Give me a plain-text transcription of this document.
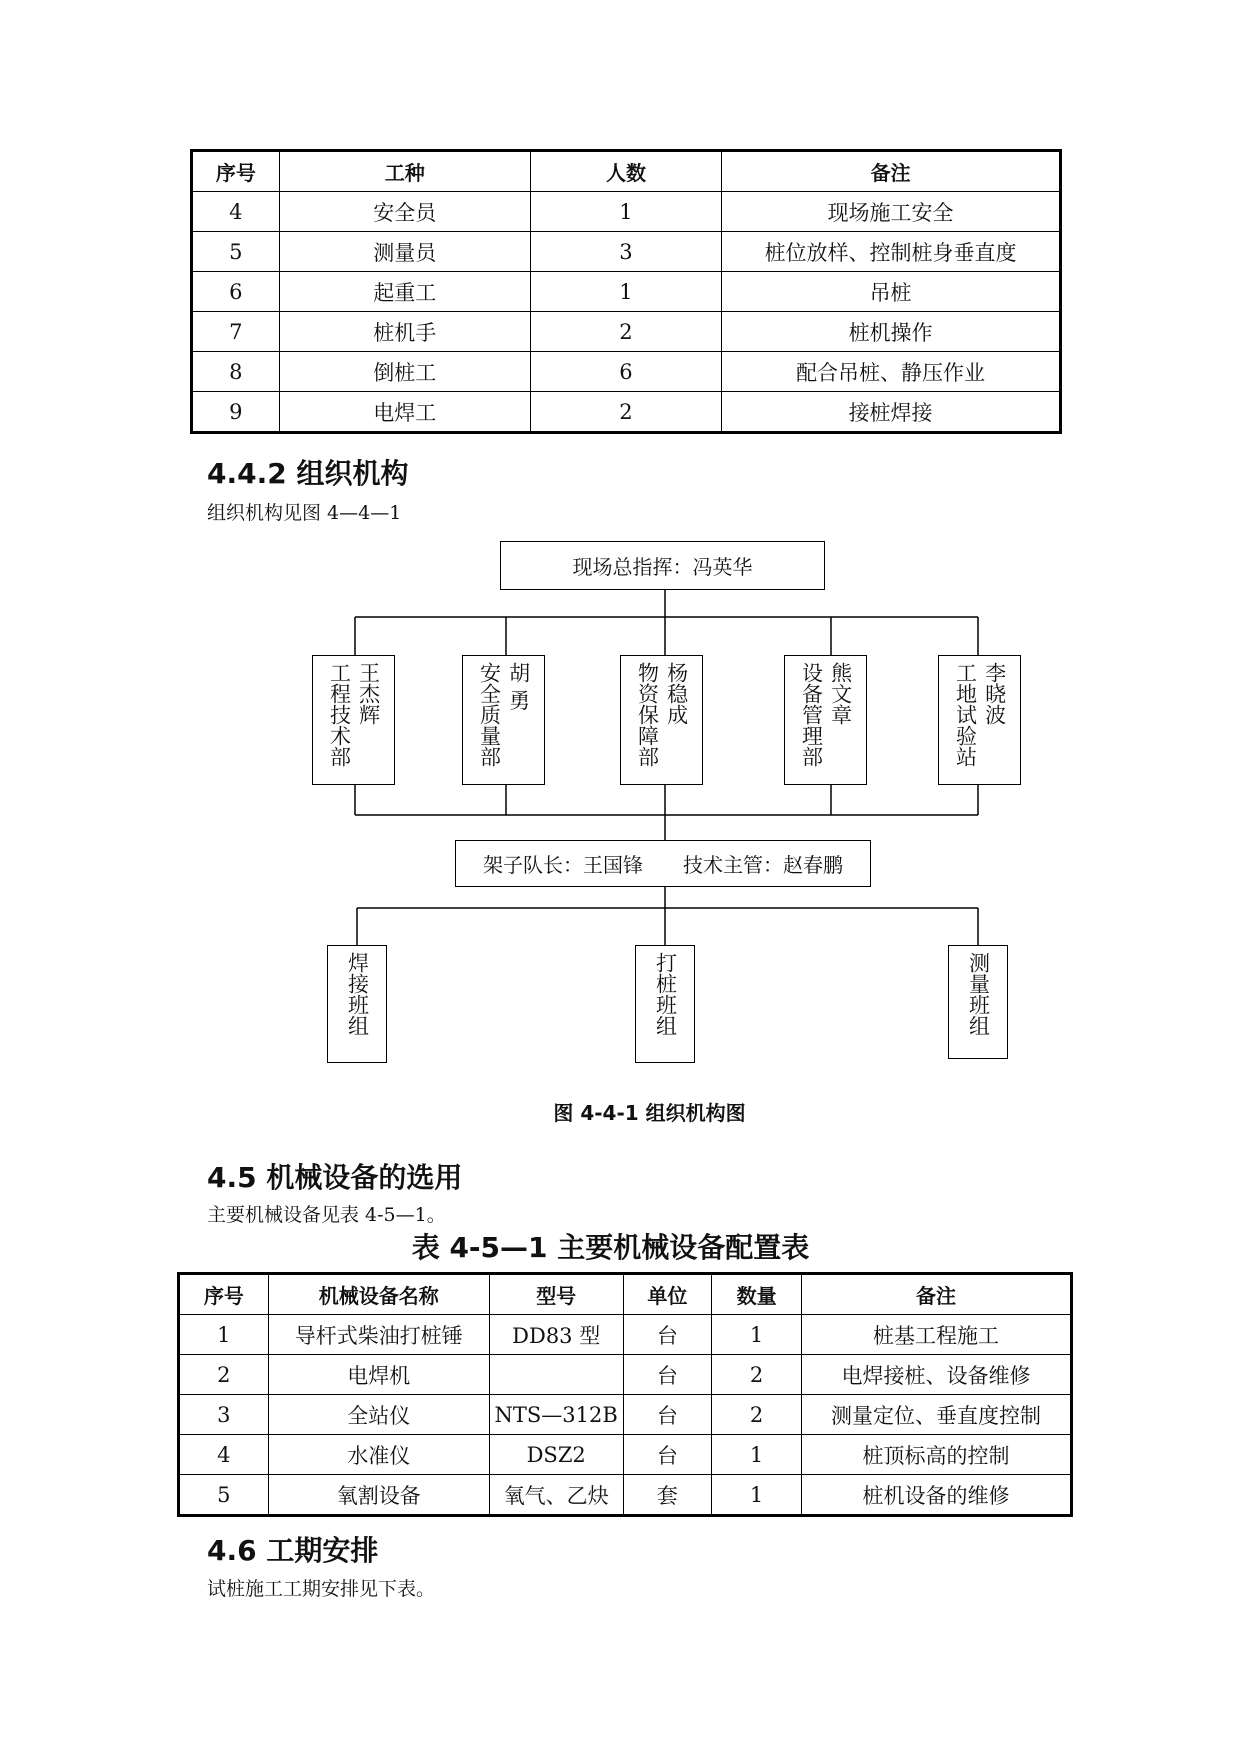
序号	工种	人数	备注
4	安全员	1	现场施工安全
5	测量员	3	桩位放样、控制桩身垂直度
6	起重工	1	吊桩
7	桩机手	2	桩机操作
8	倒桩工	6	配合吊桩、静压作业
9	电焊工	2	接桩焊接
4.4.2 组织机构
组织机构见图 4—4—1
现场总指挥：冯英华
工程技术部 王杰辉	安全质量部 胡 勇	物资保障部 杨稳成	设备管理部 熊文章	工地试验站 李晓波
架子队长：王国锋　　技术主管：赵春鹏
焊接班组	打桩班组	测量班组
图 4-4-1 组织机构图
4.5 机械设备的选用
主要机械设备见表 4-5—1。
表 4-5—1 主要机械设备配置表
序号	机械设备名称	型号	单位	数量	备注
1	导杆式柴油打桩锤	DD83 型	台	1	桩基工程施工
2	电焊机		台	2	电焊接桩、设备维修
3	全站仪	NTS—312B	台	2	测量定位、垂直度控制
4	水准仪	DSZ2	台	1	桩顶标高的控制
5	氧割设备	氧气、乙炔	套	1	桩机设备的维修
4.6 工期安排
试桩施工工期安排见下表。
